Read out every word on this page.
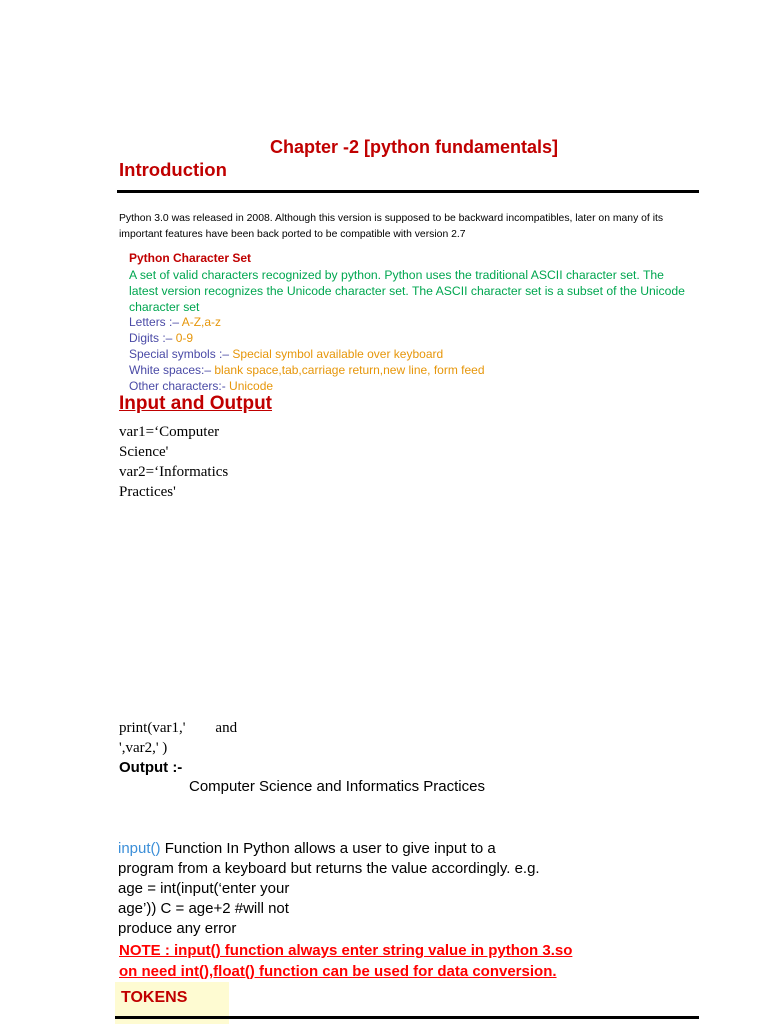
Chapter -2 [python fundamentals]
Introduction
Python 3.0 was released in 2008. Although this version is supposed to be backward incompatibles, later on many of its important features have been back ported to be compatible with version 2.7
Python Character Set
A set of valid characters recognized by python. Python uses the traditional ASCII character set. The latest version recognizes the Unicode character set. The ASCII character set is a subset of the Unicode character set
Letters :– A-Z,a-z
Digits :– 0-9
Special symbols :– Special symbol available over keyboard
White spaces:– blank space,tab,carriage return,new line, form feed
Other characters:- Unicode
Input and Output
var1=‘Computer
Science'
var2=‘Informatics
Practices'
print(var1,'        and
',var2,' )
Output :-
Computer Science and Informatics Practices
input() Function In Python allows a user to give input to a
program from a keyboard but returns the value accordingly. e.g.
age = int(input(‘enter your
age’)) C = age+2 #will not
produce any error
NOTE : input() function always enter string value in python 3.so
on need int(),float() function can be used for data conversion.
TOKENS
